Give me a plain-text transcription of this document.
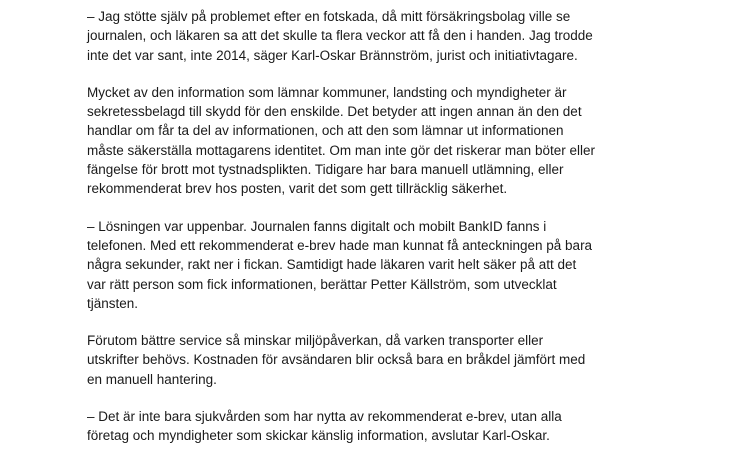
– Jag stötte själv på problemet efter en fotskada, då mitt försäkringsbolag ville se
journalen, och läkaren sa att det skulle ta flera veckor att få den i handen. Jag trodde
inte det var sant, inte 2014, säger Karl-Oskar Brännström, jurist och initiativtagare.

Mycket av den information som lämnar kommuner, landsting och myndigheter är
sekretessbelagd till skydd för den enskilde. Det betyder att ingen annan än den det
handlar om får ta del av informationen, och att den som lämnar ut informationen
måste säkerställa mottagarens identitet. Om man inte gör det riskerar man böter eller
fängelse för brott mot tystnadsplikten. Tidigare har bara manuell utlämning, eller
rekommenderat brev hos posten, varit det som gett tillräcklig säkerhet.

– Lösningen var uppenbar. Journalen fanns digitalt och mobilt BankID fanns i
telefonen. Med ett rekommenderat e-brev hade man kunnat få anteckningen på bara
några sekunder, rakt ner i fickan. Samtidigt hade läkaren varit helt säker på att det
var rätt person som fick informationen, berättar Petter Källström, som utvecklat
tjänsten.

Förutom bättre service så minskar miljöpåverkan, då varken transporter eller
utskrifter behövs. Kostnaden för avsändaren blir också bara en bråkdel jämfört med
en manuell hantering.

– Det är inte bara sjukvården som har nytta av rekommenderat e-brev, utan alla
företag och myndigheter som skickar känslig information, avslutar Karl-Oskar.
